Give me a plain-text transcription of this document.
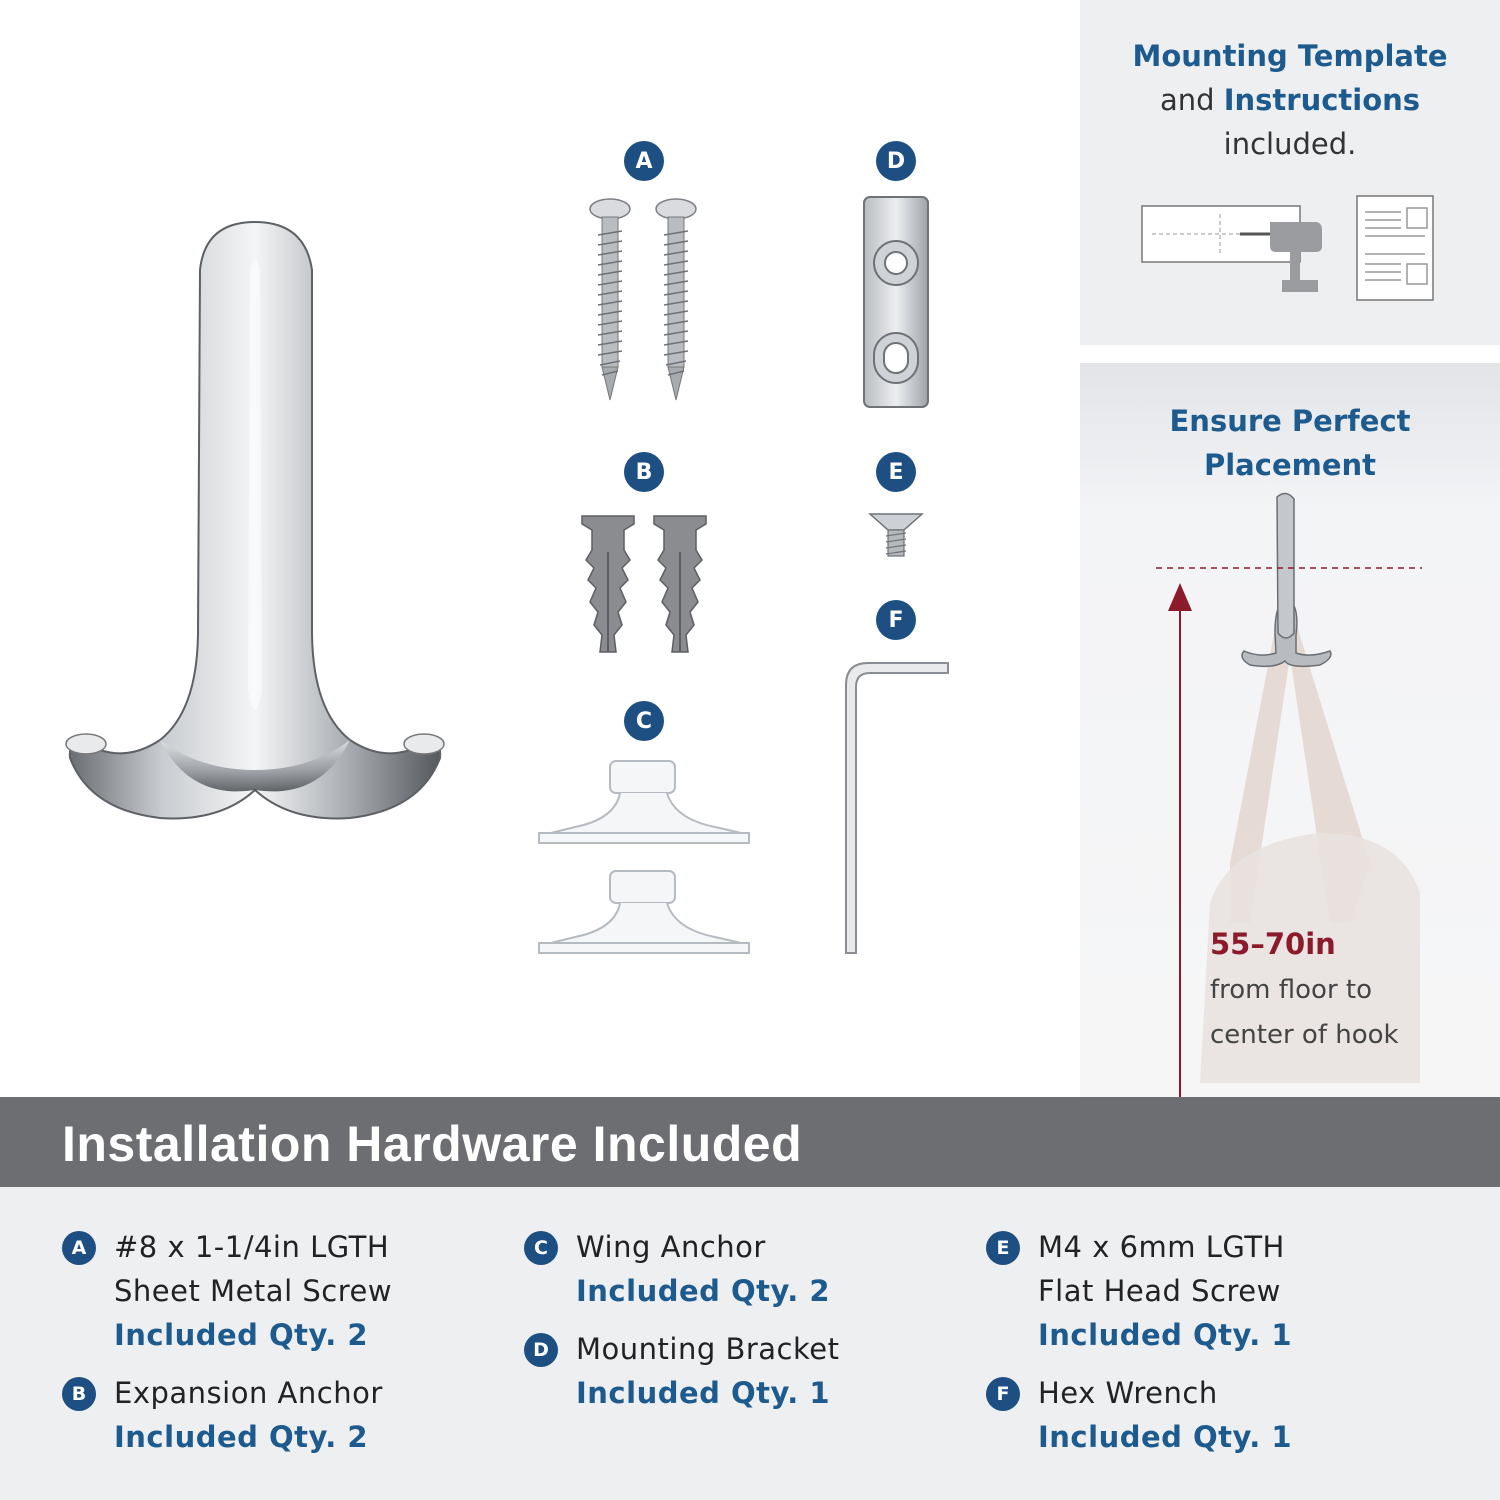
A
B
C
D
E
F
Mounting Template
and Instructions
included.
Ensure Perfect
Placement
55–70in
from floor to
center of hook
Installation Hardware Included
A #8 x 1-1/4in LGTH
Sheet Metal Screw
Included Qty. 2
B Expansion Anchor
Included Qty. 2
C Wing Anchor
Included Qty. 2
D Mounting Bracket
Included Qty. 1
E M4 x 6mm LGTH
Flat Head Screw
Included Qty. 1
F Hex Wrench
Included Qty. 1
